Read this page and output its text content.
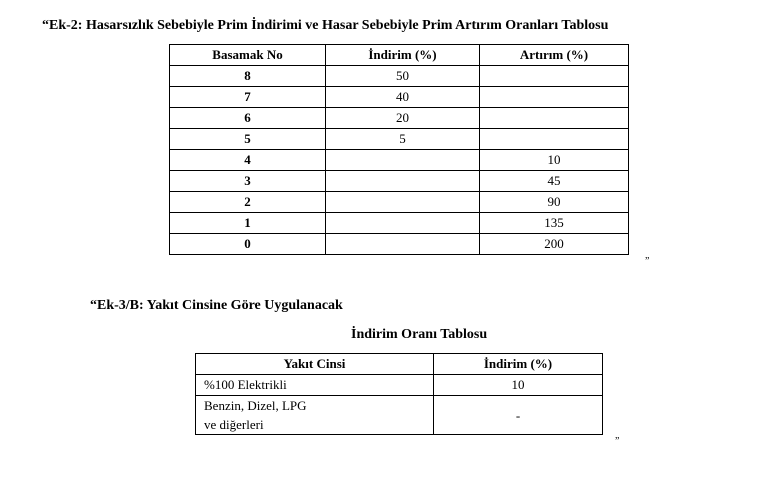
“Ek-2: Hasarsızlık Sebebiyle Prim İndirimi ve Hasar Sebebiyle Prim Artırım Oranları Tablosu
Basamak No	İndirim (%)	Artırım (%)
8	50	
7	40	
6	20	
5	5	
4		10
3		45
2		90
1		135
0		200
”
“Ek-3/B: Yakıt Cinsine Göre Uygulanacak
İndirim Oranı Tablosu
Yakıt Cinsi	İndirim (%)
%100 Elektrikli	10

Benzin, Dizel, LPG
ve diğerleri	-
”
